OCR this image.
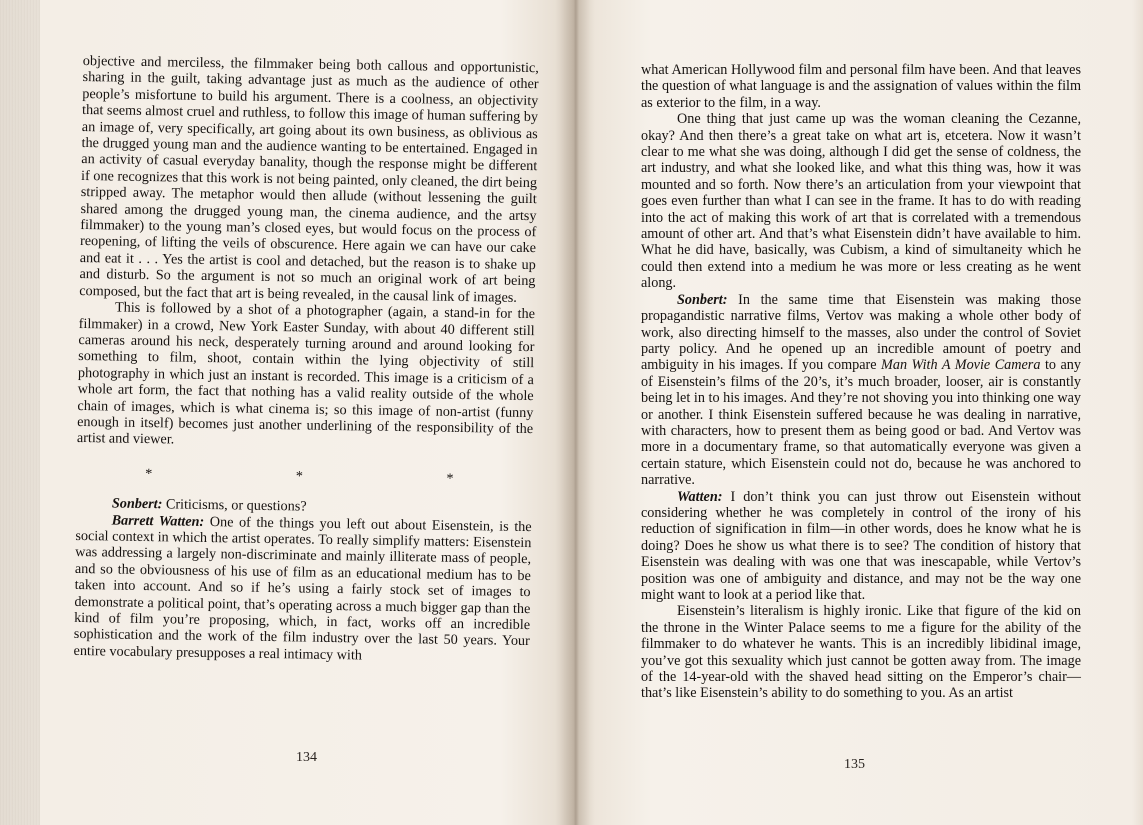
objective and merciless, the filmmaker being both callous and opportunistic, sharing in the guilt, taking advantage just as much as the audience of other people’s misfortune to build his argument. There is a coolness, an objectivity that seems almost cruel and ruthless, to follow this image of human suffering by an image of, very specifically, art going about its own business, as oblivious as the drugged young man and the audience wanting to be entertained. Engaged in an activity of casual everyday banality, though the response might be different if one recognizes that this work is not being painted, only cleaned, the dirt being stripped away. The metaphor would then allude (without lessening the guilt shared among the drugged young man, the cinema audience, and the artsy filmmaker) to the young man’s closed eyes, but would focus on the process of reopening, of lifting the veils of obscurence. Here again we can have our cake and eat it . . . Yes the artist is cool and detached, but the reason is to shake up and disturb. So the argument is not so much an original work of art being composed, but the fact that art is being revealed, in the causal link of images.

This is followed by a shot of a photographer (again, a stand-in for the filmmaker) in a crowd, New York Easter Sunday, with about 40 different still cameras around his neck, desperately turning around and around looking for something to film, shoot, contain within the lying objectivity of still photography in which just an instant is recorded. This image is a criticism of a whole art form, the fact that nothing has a valid reality outside of the whole chain of images, which is what cinema is; so this image of non-artist (funny enough in itself) becomes just another underlining of the responsibility of the artist and viewer.

* * *

Sonbert: Criticisms, or questions?

Barrett Watten: One of the things you left out about Eisenstein, is the social context in which the artist operates. To really simplify matters: Eisenstein was addressing a largely non-discriminate and mainly illiterate mass of people, and so the obviousness of his use of film as an educational medium has to be taken into account. And so if he’s using a fairly stock set of images to demonstrate a political point, that’s operating across a much bigger gap than the kind of film you’re proposing, which, in fact, works off an incredible sophistication and the work of the film industry over the last 50 years. Your entire vocabulary presupposes a real intimacy with

134

what American Hollywood film and personal film have been. And that leaves the question of what language is and the assignation of values within the film as exterior to the film, in a way.

One thing that just came up was the woman cleaning the Cezanne, okay? And then there’s a great take on what art is, etcetera. Now it wasn’t clear to me what she was doing, although I did get the sense of coldness, the art industry, and what she looked like, and what this thing was, how it was mounted and so forth. Now there’s an articulation from your viewpoint that goes even further than what I can see in the frame. It has to do with reading into the act of making this work of art that is correlated with a tremendous amount of other art. And that’s what Eisenstein didn’t have available to him. What he did have, basically, was Cubism, a kind of simultaneity which he could then extend into a medium he was more or less creating as he went along.

Sonbert: In the same time that Eisenstein was making those propagandistic narrative films, Vertov was making a whole other body of work, also directing himself to the masses, also under the control of Soviet party policy. And he opened up an incredible amount of poetry and ambiguity in his images. If you compare Man With A Movie Camera to any of Eisenstein’s films of the 20’s, it’s much broader, looser, air is constantly being let in to his images. And they’re not shoving you into thinking one way or another. I think Eisenstein suffered because he was dealing in narrative, with characters, how to present them as being good or bad. And Vertov was more in a documentary frame, so that automatically everyone was given a certain stature, which Eisenstein could not do, because he was anchored to narrative.

Watten: I don’t think you can just throw out Eisenstein without considering whether he was completely in control of the irony of his reduction of signification in film—in other words, does he know what he is doing? Does he show us what there is to see? The condition of history that Eisenstein was dealing with was one that was inescapable, while Vertov’s position was one of ambiguity and distance, and may not be the way one might want to look at a period like that.

Eisenstein’s literalism is highly ironic. Like that figure of the kid on the throne in the Winter Palace seems to me a figure for the ability of the filmmaker to do whatever he wants. This is an incredibly libidinal image, you’ve got this sexuality which just cannot be gotten away from. The image of the 14-year-old with the shaved head sitting on the Emperor’s chair—that’s like Eisenstein’s ability to do something to you. As an artist

135
